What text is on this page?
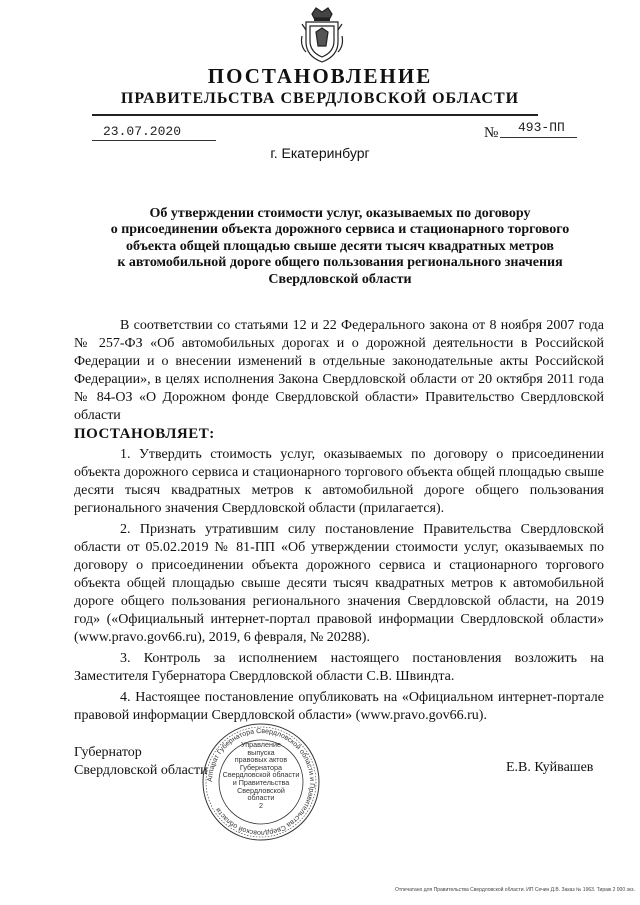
ПОСТАНОВЛЕНИЕ
ПРАВИТЕЛЬСТВА СВЕРДЛОВСКОЙ ОБЛАСТИ
23.07.2020	№ 493-ПП
г. Екатеринбург
Об утверждении стоимости услуг, оказываемых по договору
о присоединении объекта дорожного сервиса и стационарного торгового
объекта общей площадью свыше десяти тысяч квадратных метров
к автомобильной дороге общего пользования регионального значения
Свердловской области

В соответствии со статьями 12 и 22 Федерального закона от 8 ноября 2007 года № 257-ФЗ «Об автомобильных дорогах и о дорожной деятельности в Российской Федерации и о внесении изменений в отдельные законодательные акты Российской Федерации», в целях исполнения Закона Свердловской области от 20 октября 2011 года № 84-ОЗ «О Дорожном фонде Свердловской области» Правительство Свердловской области

ПОСТАНОВЛЯЕТ:

1. Утвердить стоимость услуг, оказываемых по договору о присоединении объекта дорожного сервиса и стационарного торгового объекта общей площадью свыше десяти тысяч квадратных метров к автомобильной дороге общего пользования регионального значения Свердловской области (прилагается).

2. Признать утратившим силу постановление Правительства Свердловской области от 05.02.2019 № 81-ПП «Об утверждении стоимости услуг, оказываемых по договору о присоединении объекта дорожного сервиса и стационарного торгового объекта общей площадью свыше десяти тысяч квадратных метров к автомобильной дороге общего пользования регионального значения Свердловской области, на 2019 год» («Официальный интернет-портал правовой информации Свердловской области» (www.pravo.gov66.ru), 2019, 6 февраля, № 20288).

3. Контроль за исполнением настоящего постановления возложить на Заместителя Губернатора Свердловской области С.В. Швиндта.

4. Настоящее постановление опубликовать на «Официальном интернет-портале правовой информации Свердловской области» (www.pravo.gov66.ru).

Губернатор
Свердловской области	Е.В. Куйвашев
Аппарат Губернатора Свердловской области и Правительства Свердловской области
Управление
выпуска
правовых актов
Губернатора
Свердловской области
и Правительства
Свердловской
области
2
Отпечатано для Правительства Свердловской области. ИП Сечин Д.В. Заказ № 1963. Тираж 2 000 экз.
